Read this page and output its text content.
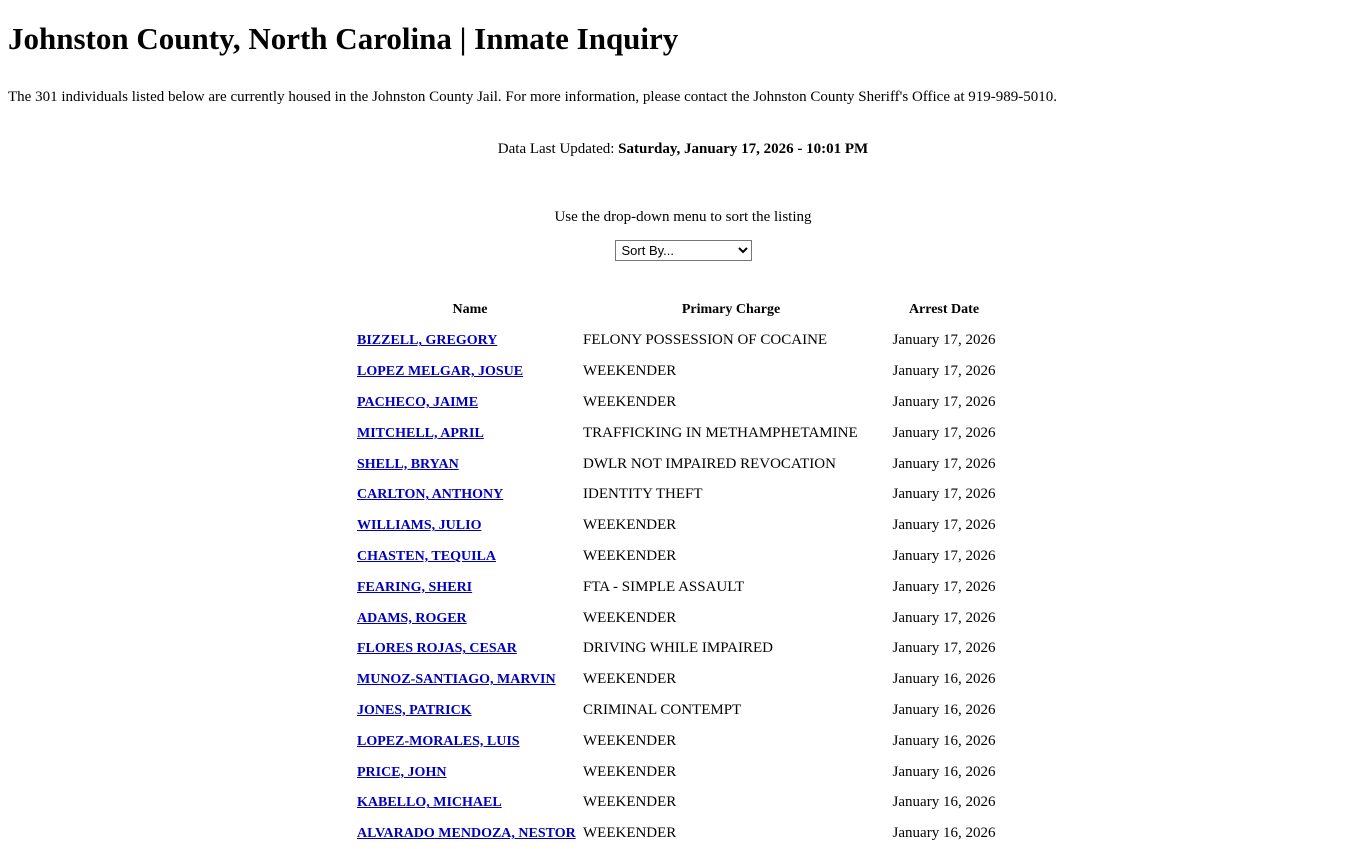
Johnston County, North Carolina | Inmate Inquiry

The 301 individuals listed below are currently housed in the Johnston County Jail. For more information, please contact the Johnston County Sheriff's Office at 919-989-5010.

Data Last Updated: Saturday, January 17, 2026 - 10:01 PM

Use the drop-down menu to sort the listing

Sort By...
Name	Primary Charge	Arrest Date
BIZZELL, GREGORY	FELONY POSSESSION OF COCAINE	January 17, 2026
LOPEZ MELGAR, JOSUE	WEEKENDER	January 17, 2026
PACHECO, JAIME	WEEKENDER	January 17, 2026
MITCHELL, APRIL	TRAFFICKING IN METHAMPHETAMINE	January 17, 2026
SHELL, BRYAN	DWLR NOT IMPAIRED REVOCATION	January 17, 2026
CARLTON, ANTHONY	IDENTITY THEFT	January 17, 2026
WILLIAMS, JULIO	WEEKENDER	January 17, 2026
CHASTEN, TEQUILA	WEEKENDER	January 17, 2026
FEARING, SHERI	FTA - SIMPLE ASSAULT	January 17, 2026
ADAMS, ROGER	WEEKENDER	January 17, 2026
FLORES ROJAS, CESAR	DRIVING WHILE IMPAIRED	January 17, 2026
MUNOZ-SANTIAGO, MARVIN	WEEKENDER	January 16, 2026
JONES, PATRICK	CRIMINAL CONTEMPT	January 16, 2026
LOPEZ-MORALES, LUIS	WEEKENDER	January 16, 2026
PRICE, JOHN	WEEKENDER	January 16, 2026
KABELLO, MICHAEL	WEEKENDER	January 16, 2026
ALVARADO MENDOZA, NESTOR	WEEKENDER	January 16, 2026
